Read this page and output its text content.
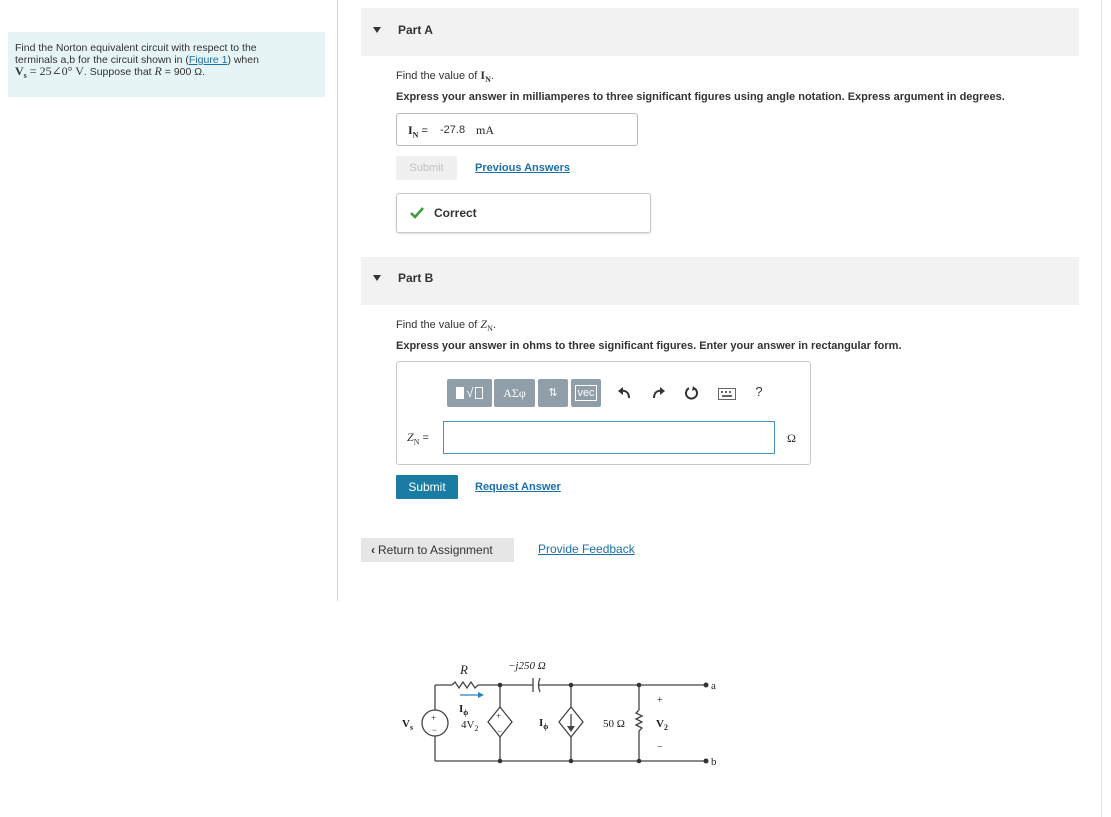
Find the Norton equivalent circuit with respect to the
terminals a,b for the circuit shown in (Figure 1) when
$V_s$ = 25∠0° V. Suppose that R = 900 Ω.
Part A
Find the value of $I_N$.
Express your answer in milliamperes to three significant figures using angle notation. Express argument in degrees.
$I_N = -27.8$ mA
Submit	Previous Answers
Correct
Part B
Find the value of $Z_N$.
Express your answer in ohms to three significant figures. Enter your answer in rectangular form.
√	ΑΣφ	⇅	vec	?
$Z_N$ =	Ω
Submit	Request Answer
‹ Return to Assignment	Provide Feedback
R	−j250 Ω
$I_\phi$
$4V_2$
+
−
$I_\phi$	50 Ω
+
$V_2$
−
$V_s$
+
−
a
b
